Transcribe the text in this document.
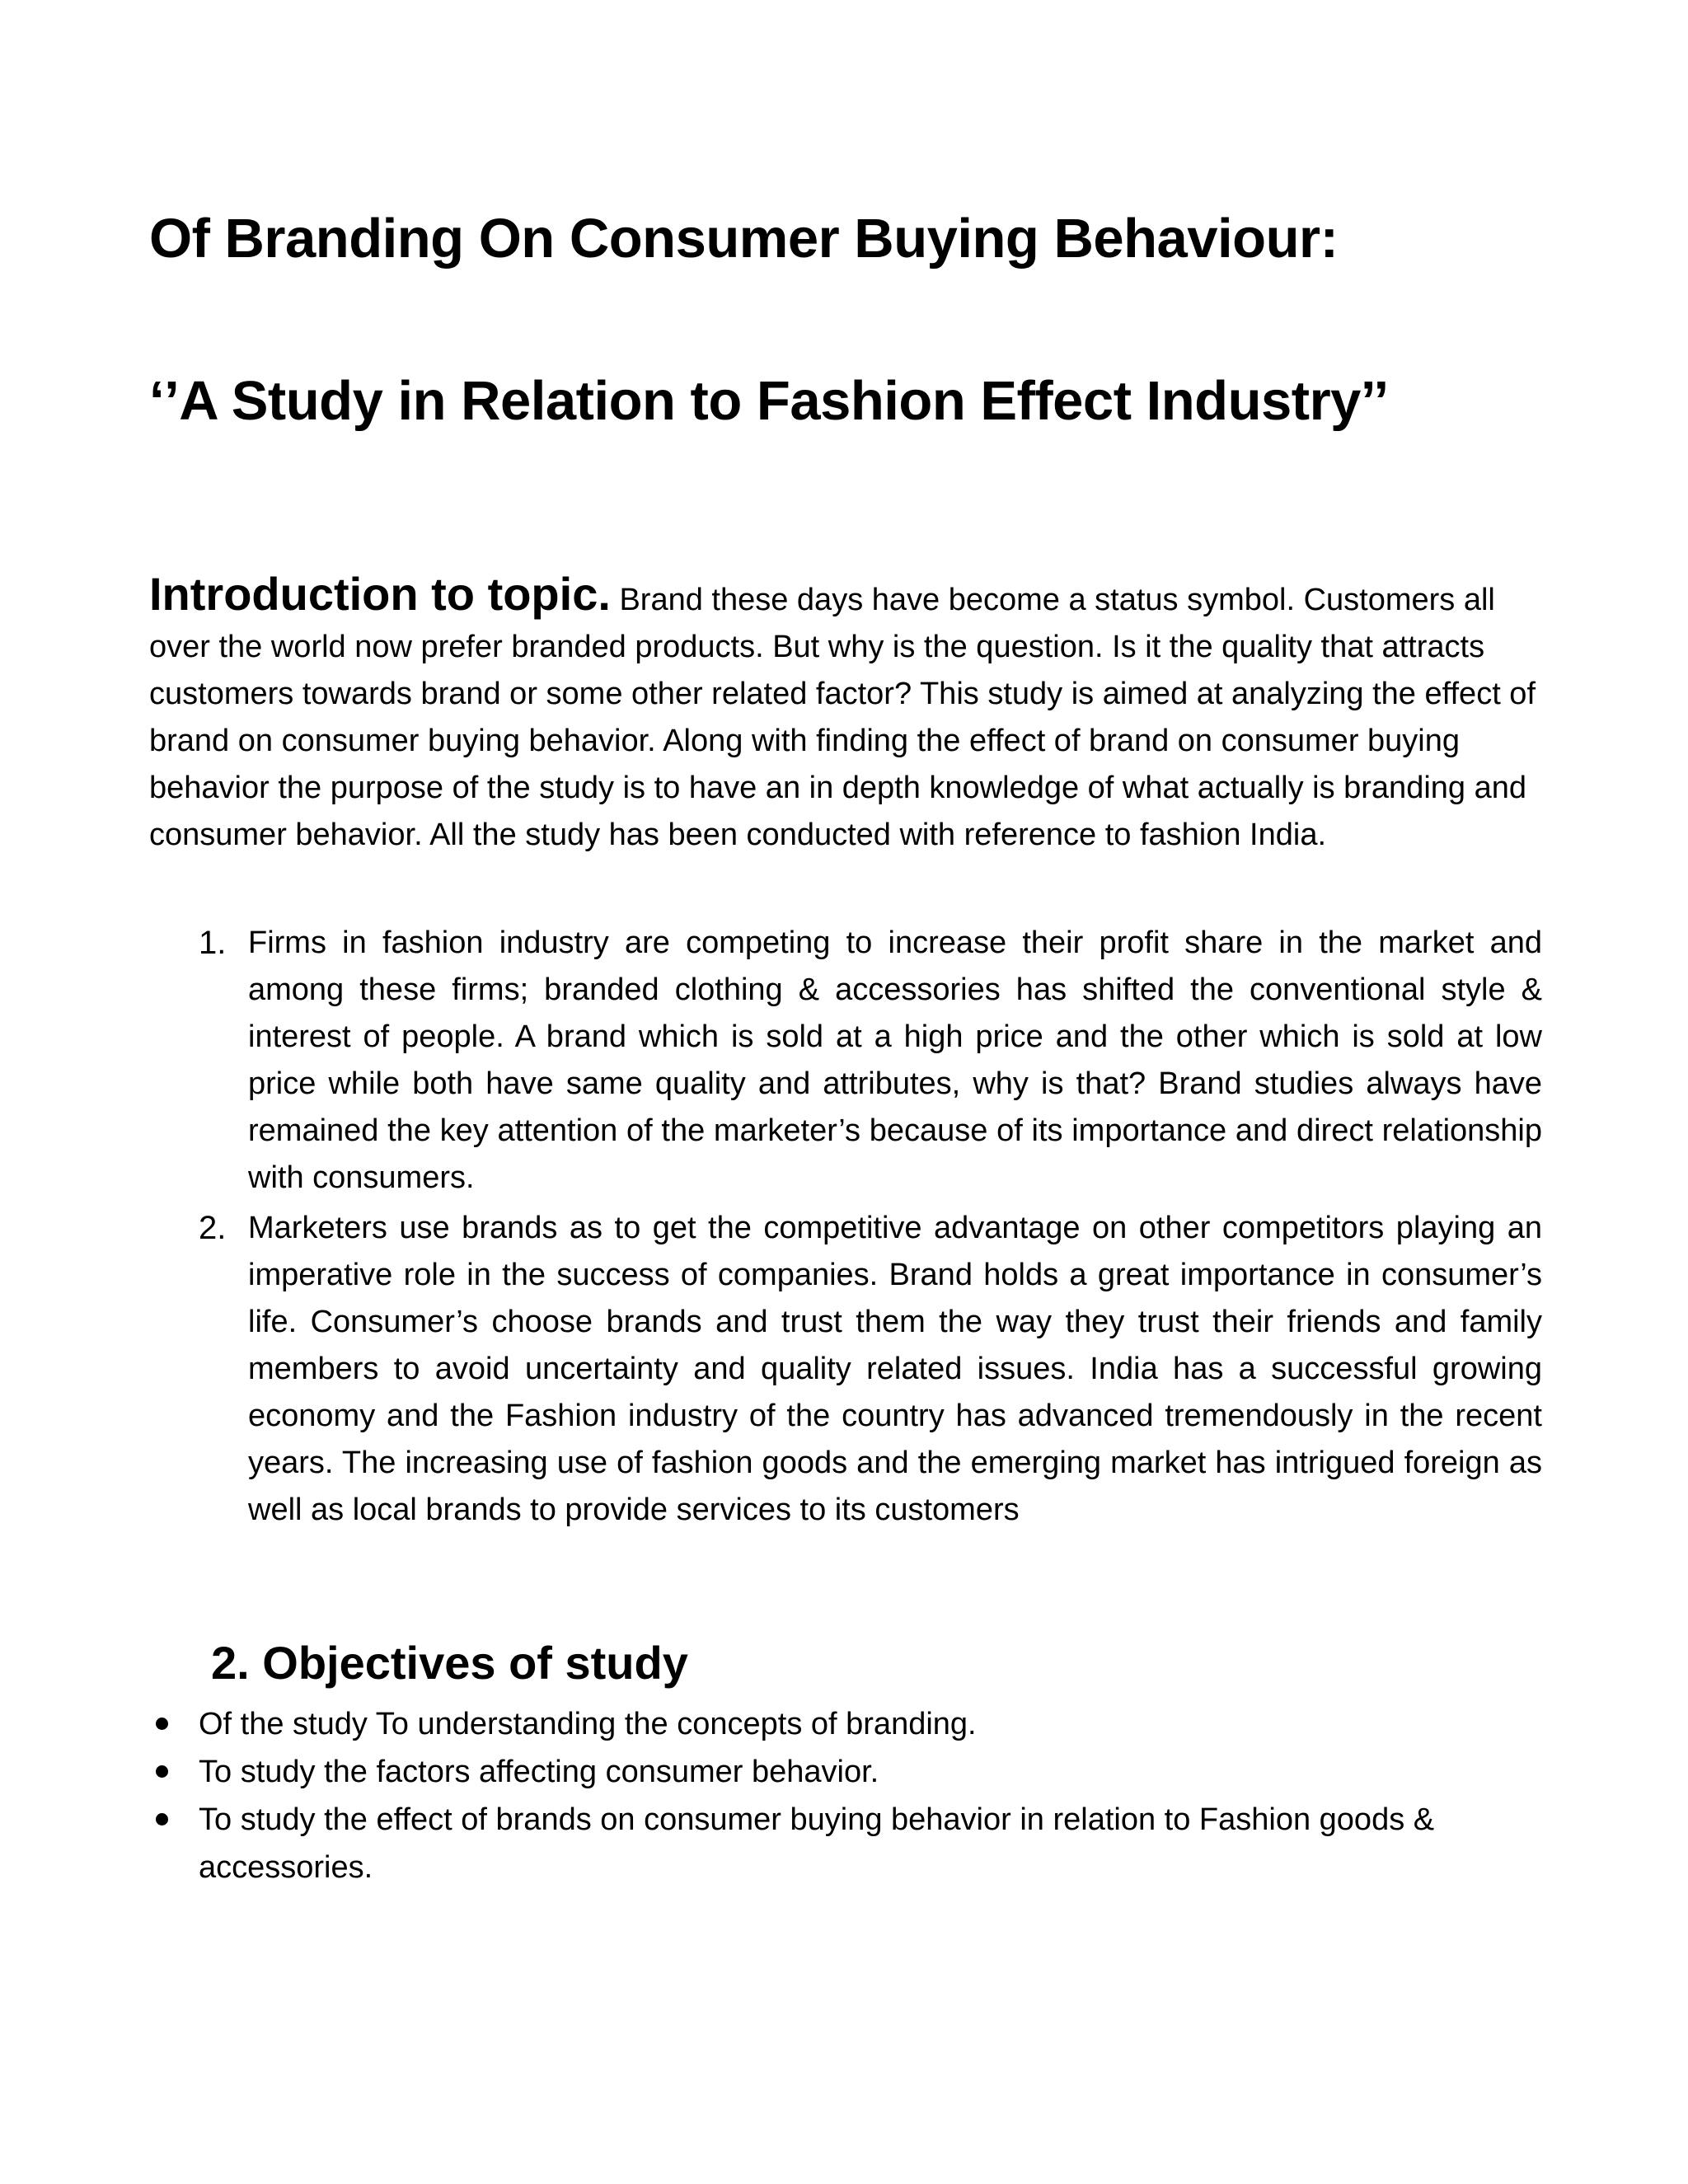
Of Branding On Consumer Buying Behaviour:
‘’A Study in Relation to Fashion Effect Industry’’
Introduction to topic. Brand these days have become a status symbol. Customers all over the world now prefer branded products. But why is the question. Is it the quality that attracts customers towards brand or some other related factor? This study is aimed at analyzing the effect of brand on consumer buying behavior. Along with finding the effect of brand on consumer buying behavior the purpose of the study is to have an in depth knowledge of what actually is branding and consumer behavior. All the study has been conducted with reference to fashion India.
1. Firms in fashion industry are competing to increase their profit share in the market and among these firms; branded clothing & accessories has shifted the conventional style & interest of people. A brand which is sold at a high price and the other which is sold at low price while both have same quality and attributes, why is that? Brand studies always have remained the key attention of the marketer’s because of its importance and direct relationship with consumers.
2. Marketers use brands as to get the competitive advantage on other competitors playing an imperative role in the success of companies. Brand holds a great importance in consumer’s life. Consumer’s choose brands and trust them the way they trust their friends and family members to avoid uncertainty and quality related issues. India has a successful growing economy and the Fashion industry of the country has advanced tremendously in the recent years. The increasing use of fashion goods and the emerging market has intrigued foreign as well as local brands to provide services to its customers
2. Objectives of study
Of the study To understanding the concepts of branding.
To study the factors affecting consumer behavior.
To study the effect of brands on consumer buying behavior in relation to Fashion goods & accessories.
